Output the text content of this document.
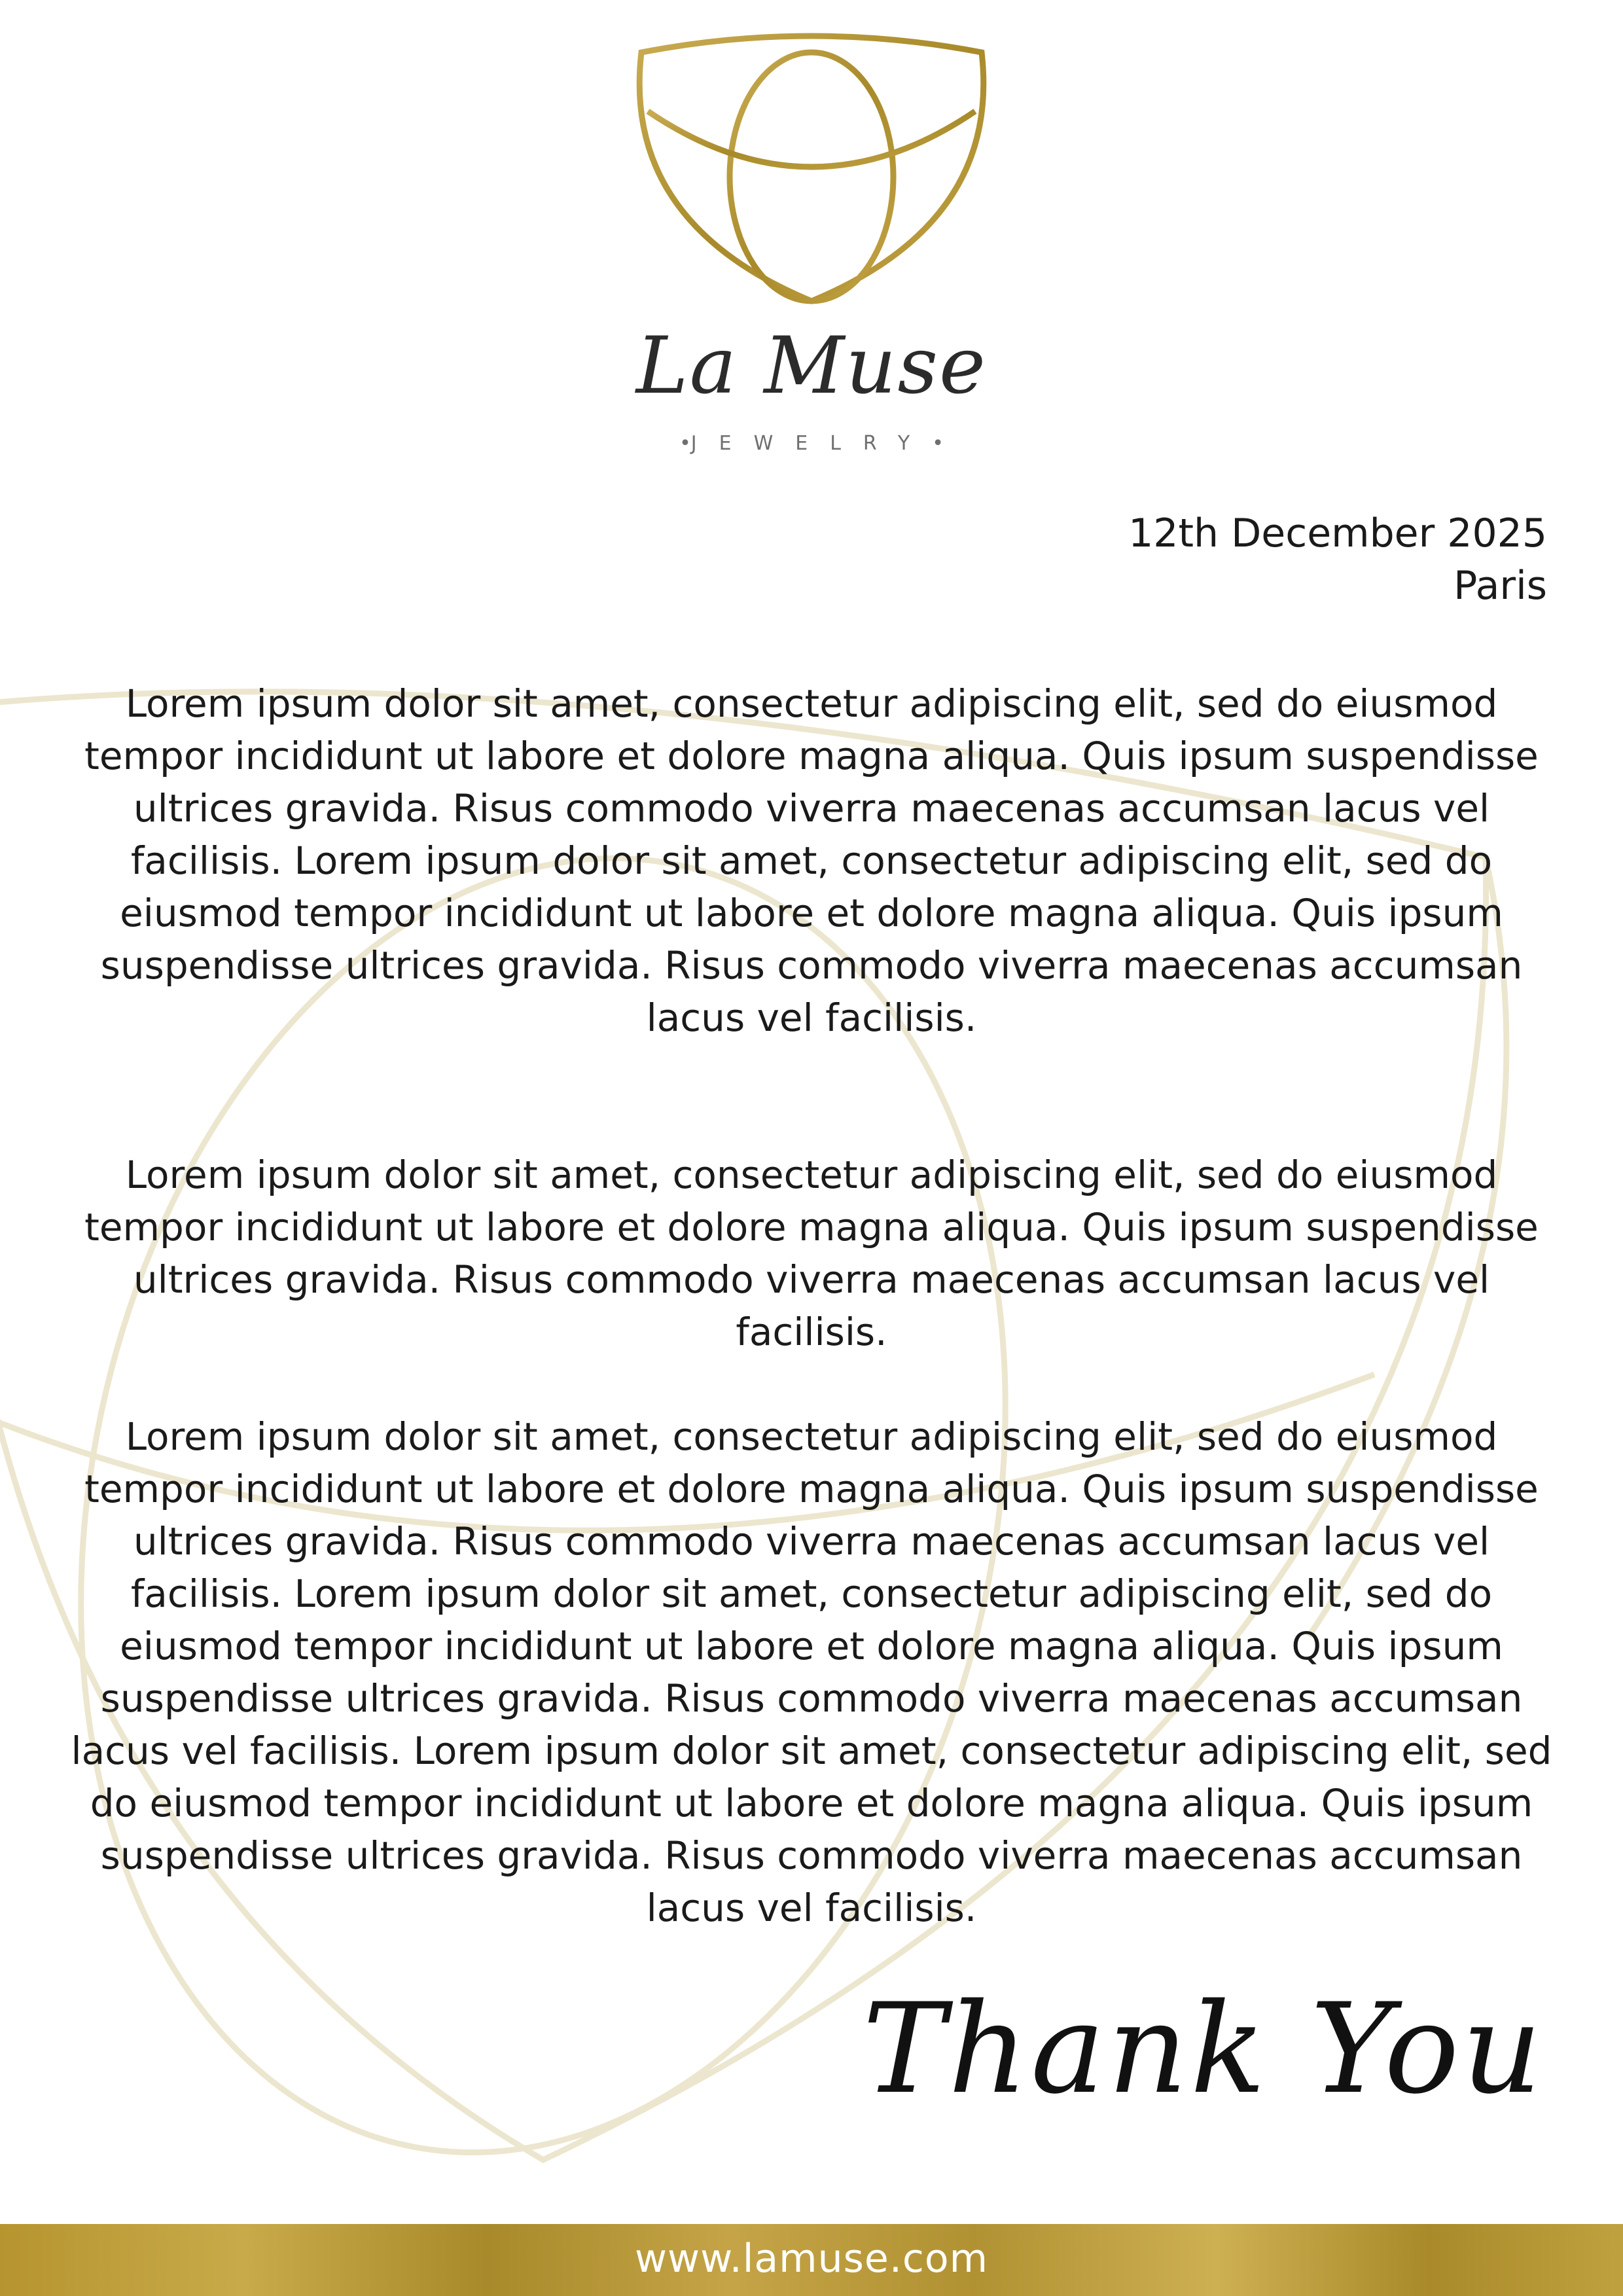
La Muse
•JEWELRY•
12th December 2025
Paris
Lorem ipsum dolor sit amet, consectetur adipiscing elit, sed do eiusmod tempor incididunt ut labore et dolore magna aliqua. Quis ipsum suspendisse ultrices gravida. Risus commodo viverra maecenas accumsan lacus vel facilisis. Lorem ipsum dolor sit amet, consectetur adipiscing elit, sed do eiusmod tempor incididunt ut labore et dolore magna aliqua. Quis ipsum suspendisse ultrices gravida. Risus commodo viverra maecenas accumsan lacus vel facilisis.
Lorem ipsum dolor sit amet, consectetur adipiscing elit, sed do eiusmod tempor incididunt ut labore et dolore magna aliqua. Quis ipsum suspendisse ultrices gravida. Risus commodo viverra maecenas accumsan lacus vel facilisis.
Lorem ipsum dolor sit amet, consectetur adipiscing elit, sed do eiusmod tempor incididunt ut labore et dolore magna aliqua. Quis ipsum suspendisse ultrices gravida. Risus commodo viverra maecenas accumsan lacus vel facilisis. Lorem ipsum dolor sit amet, consectetur adipiscing elit, sed do eiusmod tempor incididunt ut labore et dolore magna aliqua. Quis ipsum suspendisse ultrices gravida. Risus commodo viverra maecenas accumsan lacus vel facilisis. Lorem ipsum dolor sit amet, consectetur adipiscing elit, sed do eiusmod tempor incididunt ut labore et dolore magna aliqua. Quis ipsum suspendisse ultrices gravida. Risus commodo viverra maecenas accumsan lacus vel facilisis.
Thank You
www.lamuse.com
